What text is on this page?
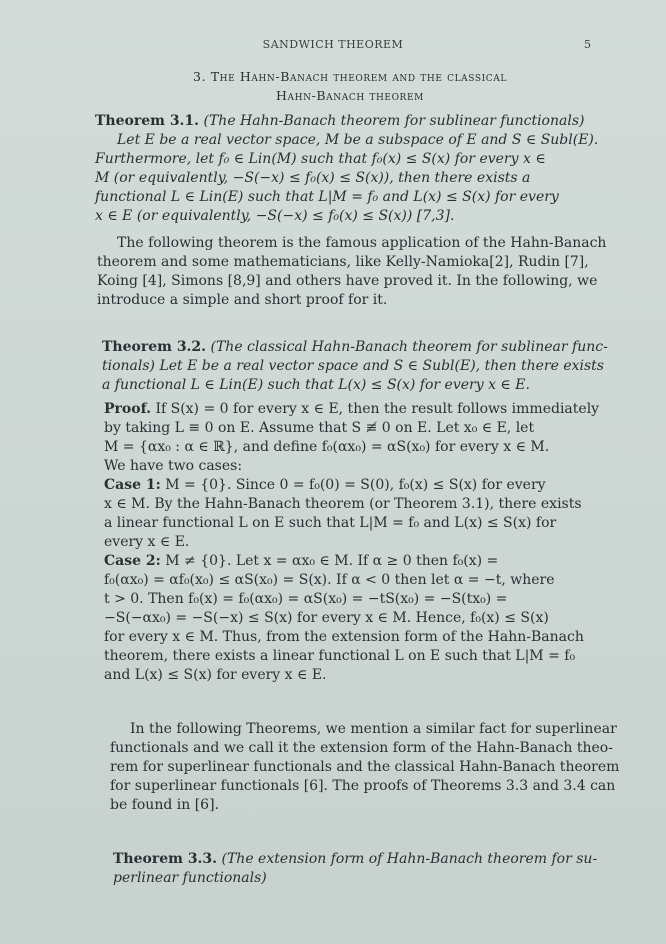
SANDWICH THEOREM	5
3. The Hahn-Banach theorem and the classical
Hahn-Banach theorem

Theorem 3.1. (The Hahn-Banach theorem for sublinear functionals)

Let E be a real vector space, M be a subspace of E and S ∈ Subl(E).

Furthermore, let f₀ ∈ Lin(M) such that f₀(x) ≤ S(x) for every x ∈

M (or equivalently, −S(−x) ≤ f₀(x) ≤ S(x)), then there exists a

functional L ∈ Lin(E) such that L|M = f₀ and L(x) ≤ S(x) for every

x ∈ E (or equivalently, −S(−x) ≤ f₀(x) ≤ S(x)) [7,3].

The following theorem is the famous application of the Hahn-Banach

theorem and some mathematicians, like Kelly-Namioka[2], Rudin [7],

Koing [4], Simons [8,9] and others have proved it. In the following, we

introduce a simple and short proof for it.

Theorem 3.2. (The classical Hahn-Banach theorem for sublinear func-

tionals) Let E be a real vector space and S ∈ Subl(E), then there exists

a functional L ∈ Lin(E) such that L(x) ≤ S(x) for every x ∈ E.

Proof. If S(x) = 0 for every x ∈ E, then the result follows immediately

by taking L ≡ 0 on E. Assume that S ≢ 0 on E. Let x₀ ∈ E, let

M = {αx₀ : α ∈ ℝ}, and define f₀(αx₀) = αS(x₀) for every x ∈ M.

We have two cases:

Case 1: M = {0}. Since 0 = f₀(0) = S(0), f₀(x) ≤ S(x) for every

x ∈ M. By the Hahn-Banach theorem (or Theorem 3.1), there exists

a linear functional L on E such that L|M = f₀ and L(x) ≤ S(x) for

every x ∈ E.

Case 2: M ≠ {0}. Let x = αx₀ ∈ M. If α ≥ 0 then f₀(x) =

f₀(αx₀) = αf₀(x₀) ≤ αS(x₀) = S(x). If α < 0 then let α = −t, where

t > 0. Then f₀(x) = f₀(αx₀) = αS(x₀) = −tS(x₀) = −S(tx₀) =

−S(−αx₀) = −S(−x) ≤ S(x) for every x ∈ M. Hence, f₀(x) ≤ S(x)

for every x ∈ M. Thus, from the extension form of the Hahn-Banach

theorem, there exists a linear functional L on E such that L|M = f₀

and L(x) ≤ S(x) for every x ∈ E.

In the following Theorems, we mention a similar fact for superlinear

functionals and we call it the extension form of the Hahn-Banach theo-

rem for superlinear functionals and the classical Hahn-Banach theorem

for superlinear functionals [6]. The proofs of Theorems 3.3 and 3.4 can

be found in [6].

Theorem 3.3. (The extension form of Hahn-Banach theorem for su-

perlinear functionals)
